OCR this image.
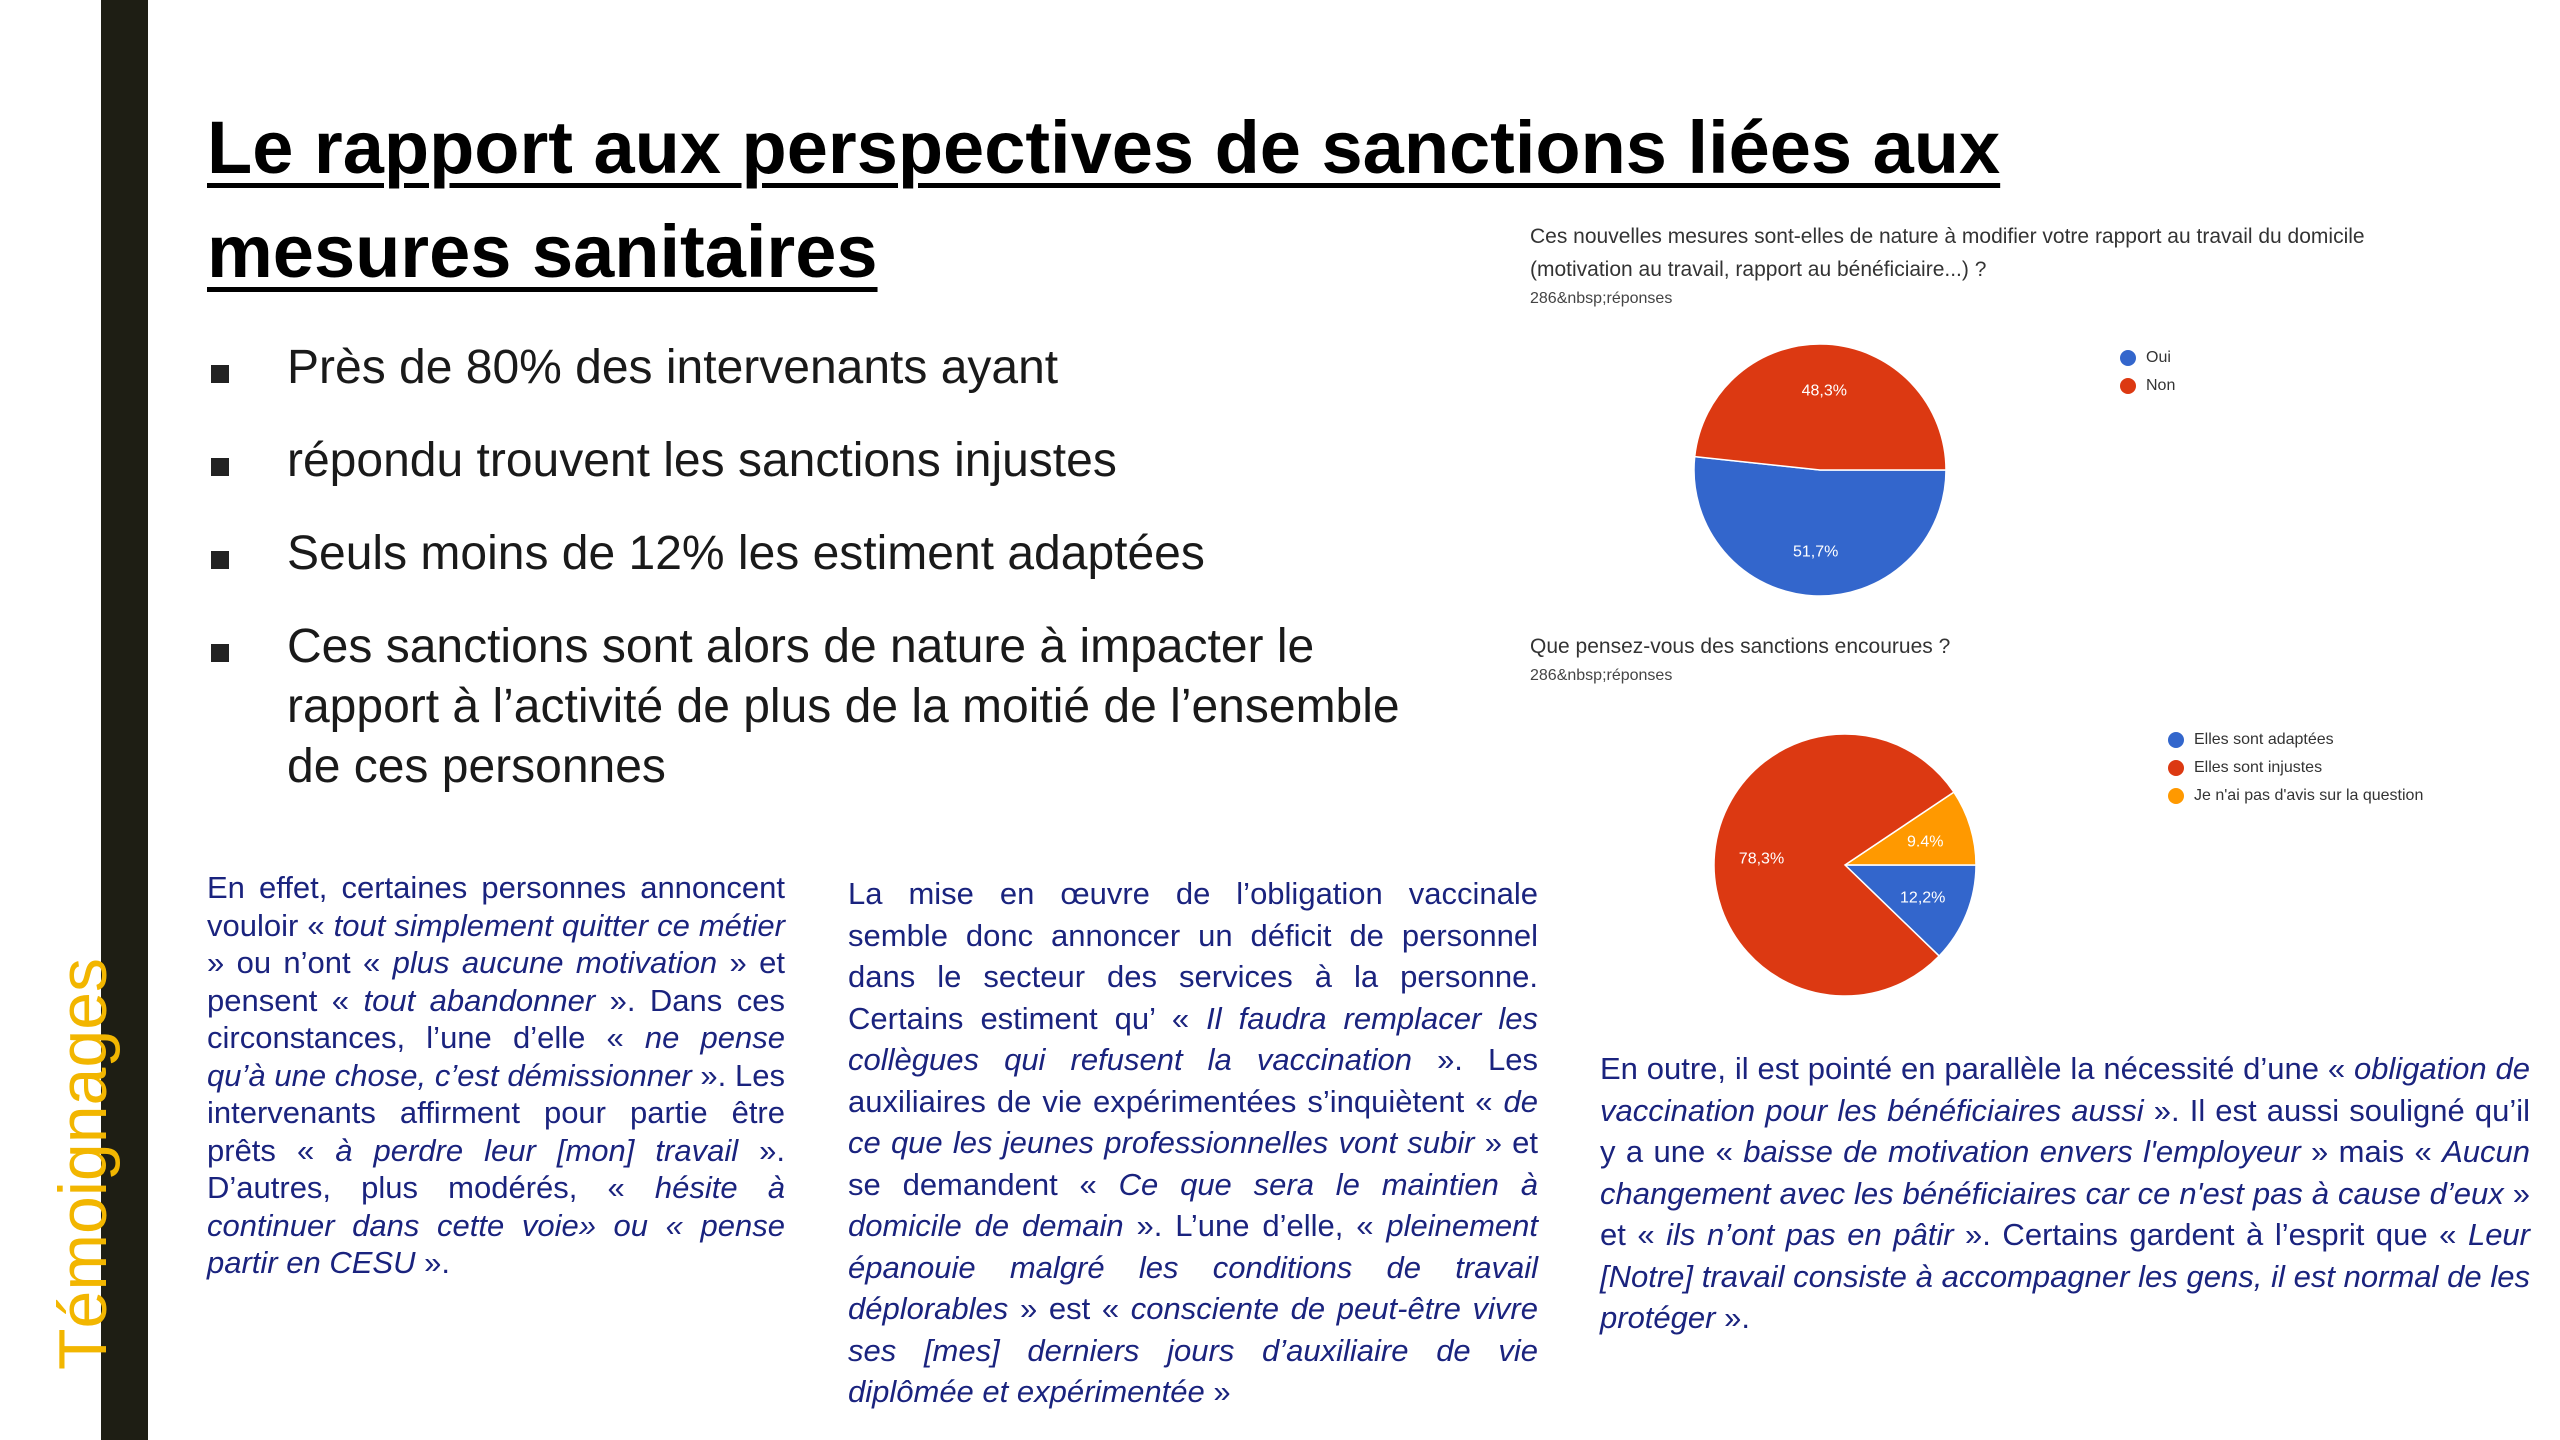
Témoignages
Le rapport aux perspectives de sanctions liées aux mesures sanitaires
Près de 80% des intervenants ayant
répondu trouvent les sanctions injustes
Seuls moins de 12% les estiment adaptées
Ces sanctions sont alors de nature à impacter le rapport à l’activité de plus de la moitié de l’ensemble de ces personnes
Ces nouvelles mesures sont-elles de nature à modifier votre rapport au travail du domicile (motivation au travail, rapport au bénéficiaire...) ?
286&nbsp;réponses
51,7%
48,3%
Oui
Non
Que pensez-vous des sanctions encourues ?
286&nbsp;réponses
9.4%
12,2%
78,3%
Elles sont adaptées
Elles sont injustes
Je n'ai pas d'avis sur la question

En effet, certaines personnes annoncent vouloir « tout simplement quitter ce métier » ou n’ont « plus aucune motivation » et pensent « tout abandonner ». Dans ces circonstances, l’une d’elle « ne pense qu’à une chose, c’est démissionner ». Les intervenants affirment pour partie être prêts « à perdre leur [mon] travail ». D’autres, plus modérés, « hésite à continuer dans cette voie» ou « pense partir en CESU ».

La mise en œuvre de l’obligation vaccinale semble donc annoncer un déficit de personnel dans le secteur des services à la personne. Certains estiment qu’ « Il faudra remplacer les collègues qui refusent la vaccination ». Les auxiliaires de vie expérimentées s’inquiètent « de ce que les jeunes professionnelles vont subir » et se demandent « Ce que sera le maintien à domicile de demain ». L’une d’elle, « pleinement épanouie malgré les conditions de travail déplorables » est « consciente de peut-être vivre ses [mes] derniers jours d’auxiliaire de vie diplômée et expérimentée »

En outre, il est pointé en parallèle la nécessité d’une « obligation de vaccination pour les bénéficiaires aussi ». Il est aussi souligné qu’il y a une « baisse de motivation envers l'employeur » mais « Aucun changement avec les bénéficiaires car ce n'est pas à cause d’eux » et « ils n’ont pas en pâtir ». Certains gardent à l’esprit que « Leur [Notre] travail consiste à accompagner les gens, il est normal de les protéger ».
